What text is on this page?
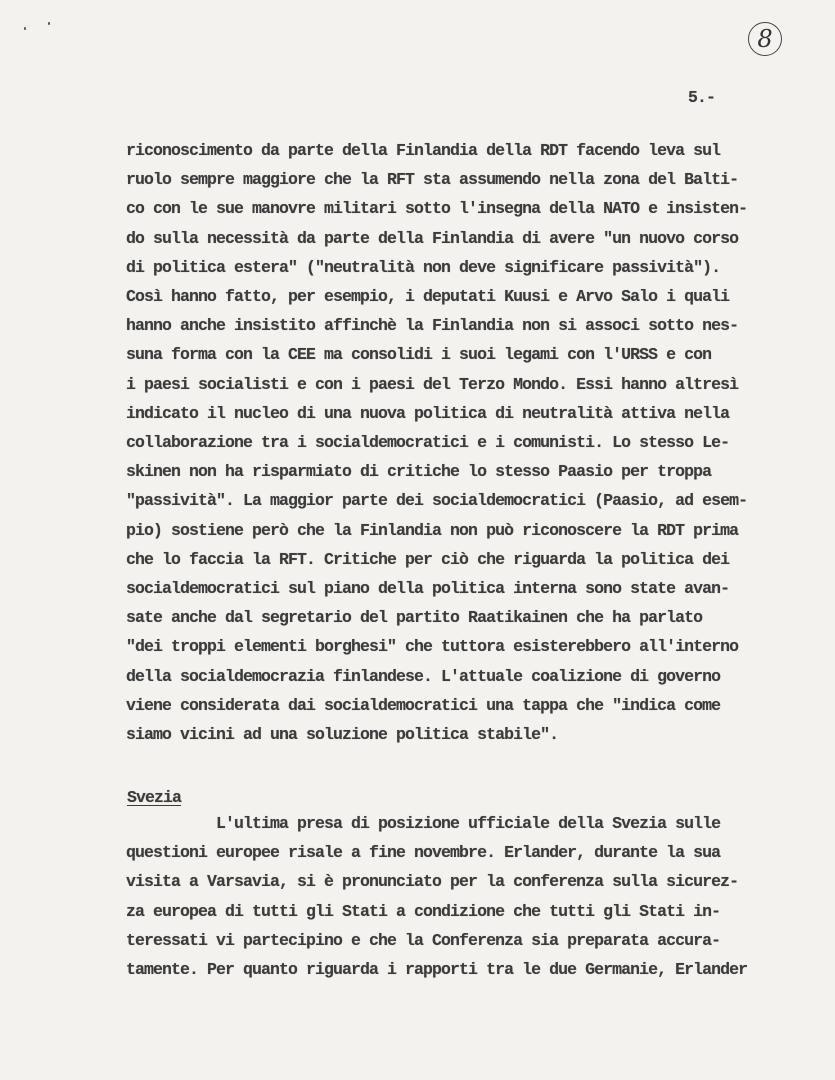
8
5.-
riconoscimento da parte della Finlandia della RDT facendo leva sul
ruolo sempre maggiore che la RFT sta assumendo nella zona del Balti-
co con le sue manovre militari sotto l'insegna della NATO e insisten-
do sulla necessità da parte della Finlandia di avere "un nuovo corso
di politica estera" ("neutralità non deve significare passività").
Così hanno fatto, per esempio, i deputati Kuusi e Arvo Salo i quali
hanno anche insistito affinchè la Finlandia non si associ sotto nes-
suna forma con la CEE ma consolidi i suoi legami con l'URSS e con
i paesi socialisti e con i paesi del Terzo Mondo. Essi hanno altresì
indicato il nucleo di una nuova politica di neutralità attiva nella
collaborazione tra i socialdemocratici e i comunisti. Lo stesso Le-
skinen non ha risparmiato di critiche lo stesso Paasio per troppa
"passività". La maggior parte dei socialdemocratici (Paasio, ad esem-
pio) sostiene però che la Finlandia non può riconoscere la RDT prima
che lo faccia la RFT. Critiche per ciò che riguarda la politica dei
socialdemocratici sul piano della politica interna sono state avan-
sate anche dal segretario del partito Raatikainen che ha parlato
"dei troppi elementi borghesi" che tuttora esisterebbero all'interno
della socialdemocrazia finlandese. L'attuale coalizione di governo
viene considerata dai socialdemocratici una tappa che "indica come
siamo vicini ad una soluzione politica stabile".
Svezia
L'ultima presa di posizione ufficiale della Svezia sulle
questioni europee risale a fine novembre. Erlander, durante la sua
visita a Varsavia, si è pronunciato per la conferenza sulla sicurez-
za europea di tutti gli Stati a condizione che tutti gli Stati in-
teressati vi partecipino e che la Conferenza sia preparata accura-
tamente. Per quanto riguarda i rapporti tra le due Germanie, Erlander
